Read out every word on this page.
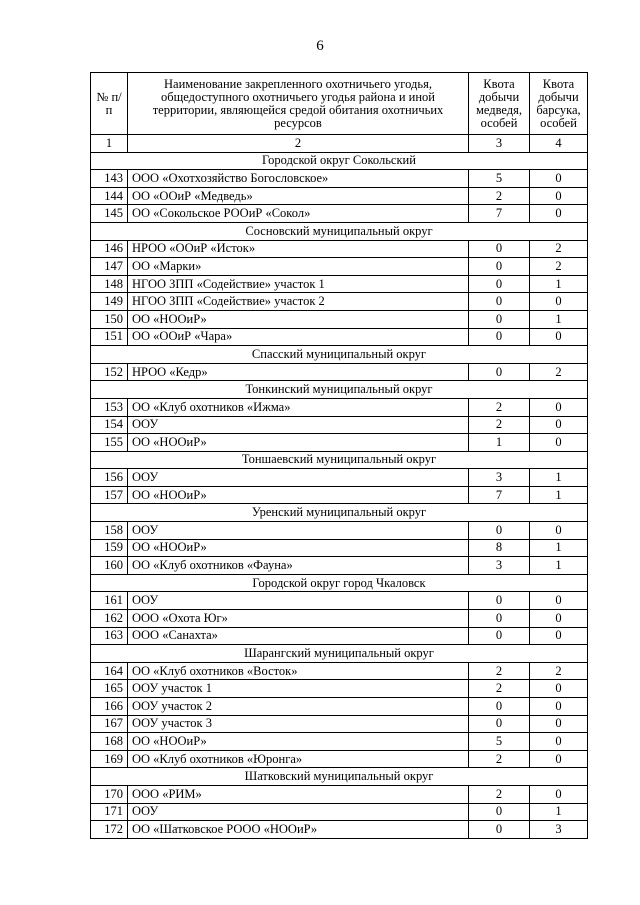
6
№ п/п	Наименование закрепленного охотничьего угодья, общедоступного охотничьего угодья района и иной территории, являющейся средой обитания охотничьих ресурсов	Квота добычи медведя, особей	Квота добычи барсука, особей
1	2	3	4
Городской округ Сокольский			
143	ООО «Охотхозяйство Богословское»	5	0
144	ОО «ООиР «Медведь»	2	0
145	ОО «Сокольское РООиР «Сокол»	7	0
Сосновский муниципальный округ			
146	НРОО «ООиР «Исток»	0	2
147	ОО «Марки»	0	2
148	НГОО ЗПП «Содействие» участок 1	0	1
149	НГОО ЗПП «Содействие» участок 2	0	0
150	ОО «НООиР»	0	1
151	ОО «ООиР «Чара»	0	0
Спасский муниципальный округ			
152	НРОО «Кедр»	0	2
Тонкинский муниципальный округ			
153	ОО «Клуб охотников «Ижма»	2	0
154	ООУ	2	0
155	ОО «НООиР»	1	0
Тоншаевский муниципальный округ			
156	ООУ	3	1
157	ОО «НООиР»	7	1
Уренский муниципальный округ			
158	ООУ	0	0
159	ОО «НООиР»	8	1
160	ОО «Клуб охотников «Фауна»	3	1
Городской округ город Чкаловск			
161	ООУ	0	0
162	ООО «Охота Юг»	0	0
163	ООО «Санахта»	0	0
Шарангский муниципальный округ			
164	ОО «Клуб охотников «Восток»	2	2
165	ООУ участок 1	2	0
166	ООУ участок 2	0	0
167	ООУ участок 3	0	0
168	ОО «НООиР»	5	0
169	ОО «Клуб охотников «Юронга»	2	0
Шатковский муниципальный округ			
170	ООО «РИМ»	2	0
171	ООУ	0	1
172	ОО «Шатковское РООО «НООиР»	0	3
